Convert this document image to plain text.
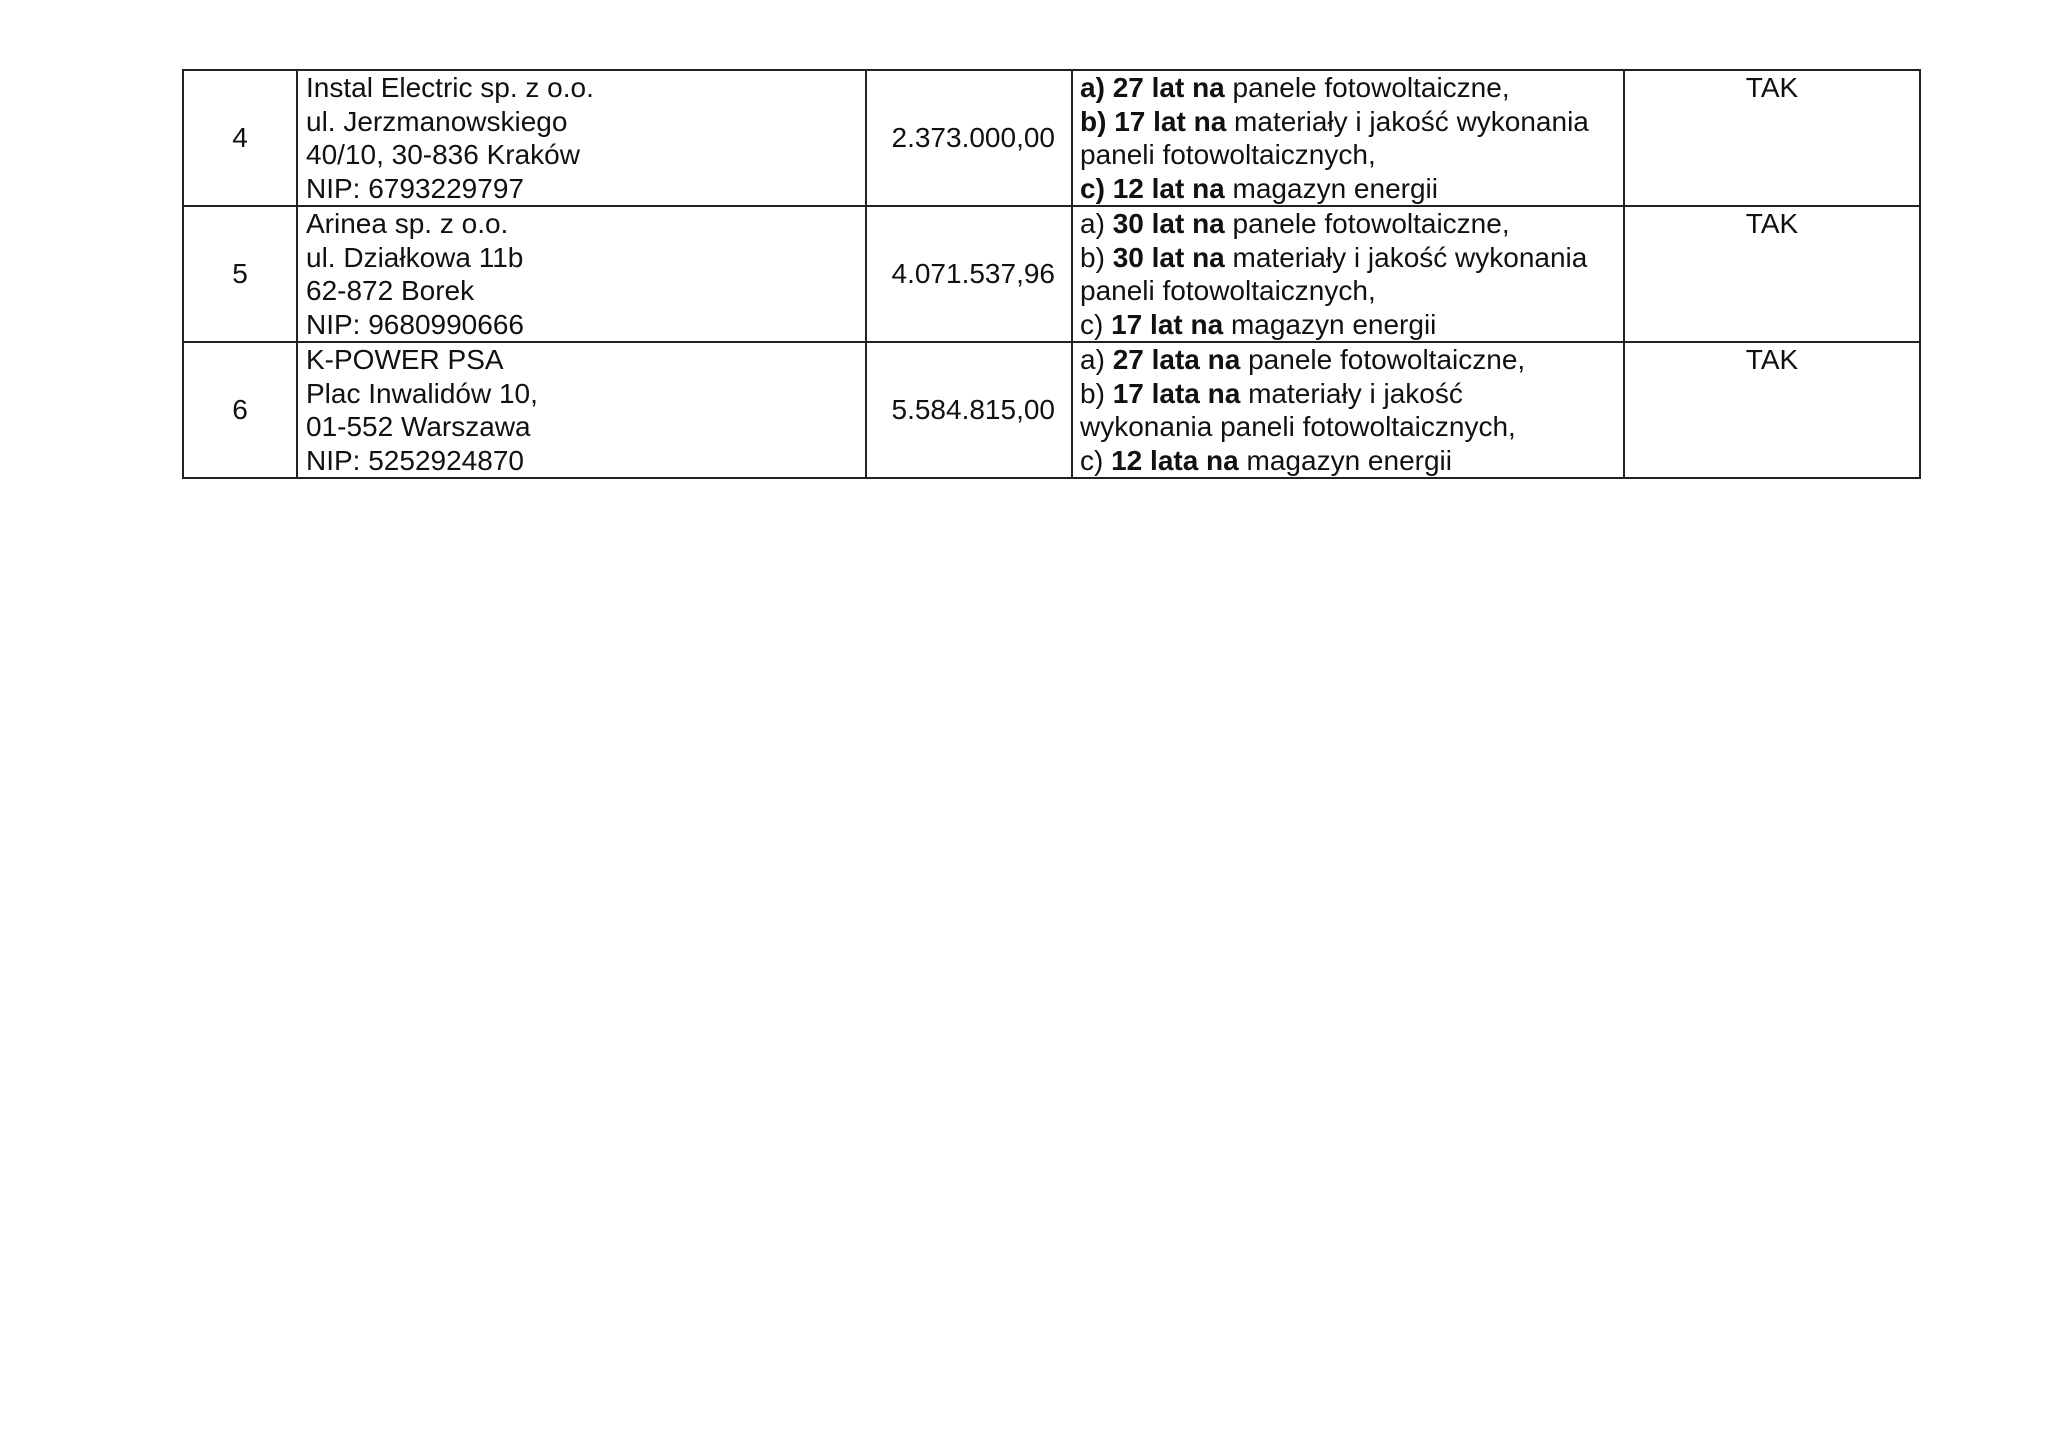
4	Instal Electric sp. z o.o.
ul. Jerzmanowskiego
40/10, 30-836 Kraków
NIP: 6793229797	2.373.000,00	a) 27 lat na panele fotowoltaiczne,
b) 17 lat na materiały i jakość wykonania
paneli fotowoltaicznych,
c) 12 lat na magazyn energii	TAK
5	Arinea sp. z o.o.
ul. Działkowa 11b
62-872 Borek
NIP: 9680990666	4.071.537,96	a) 30 lat na panele fotowoltaiczne,
b) 30 lat na materiały i jakość wykonania
paneli fotowoltaicznych,
c) 17 lat na magazyn energii	TAK
6	K-POWER PSA
Plac Inwalidów 10,
01-552 Warszawa
NIP: 5252924870	5.584.815,00	a) 27 lata na panele fotowoltaiczne,
b) 17 lata na materiały i jakość
wykonania paneli fotowoltaicznych,
c) 12 lata na magazyn energii	TAK
